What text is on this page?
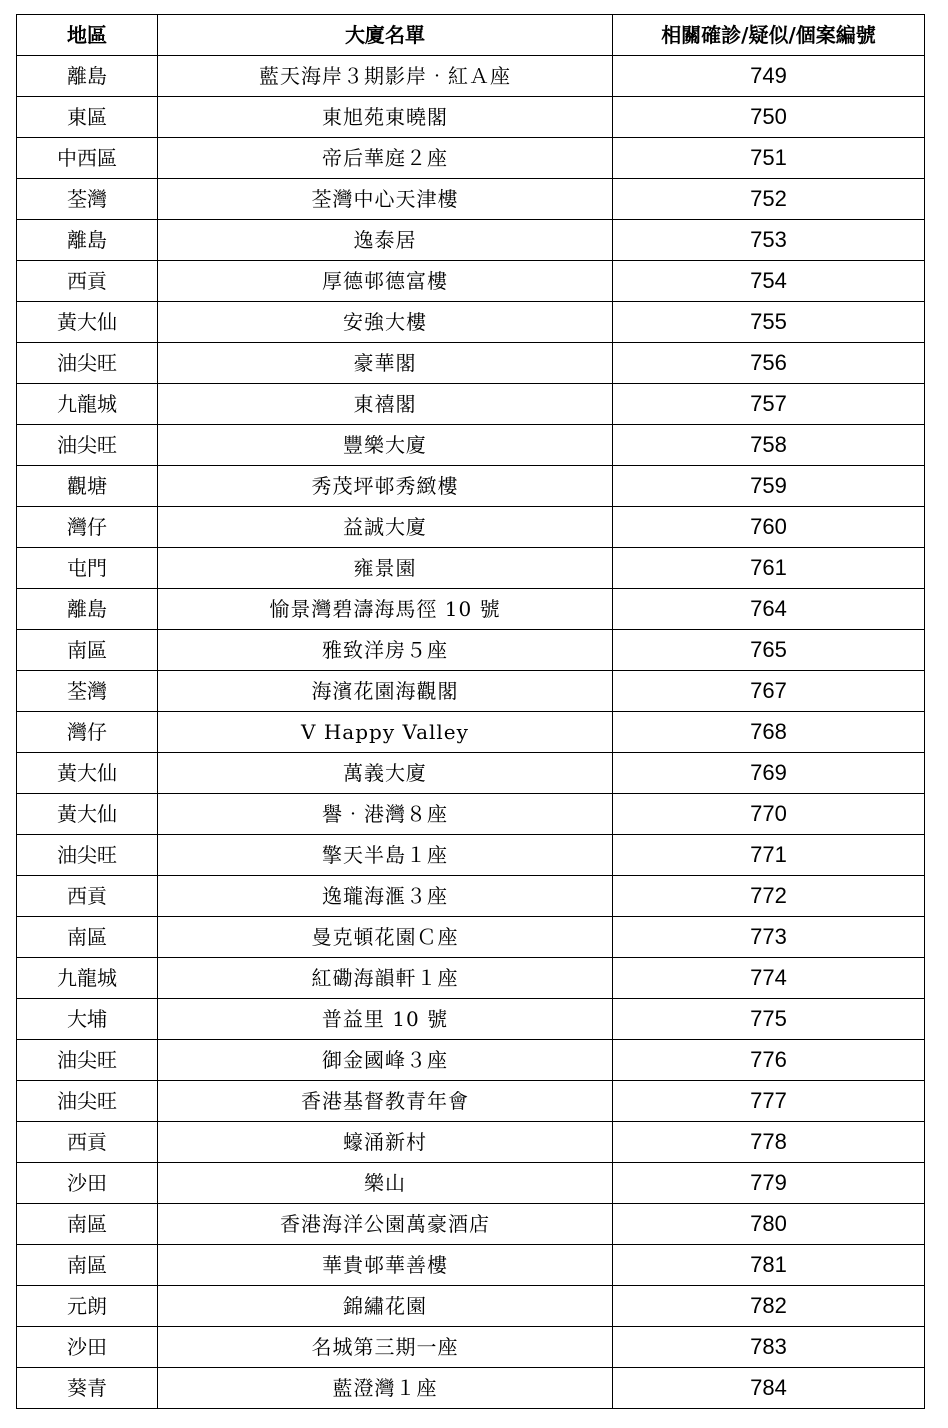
地區	大廈名單	相關確診/疑似/個案編號
離島	藍天海岸３期影岸‧紅Ａ座	749
東區	東旭苑東曉閣	750
中西區	帝后華庭２座	751
荃灣	荃灣中心天津樓	752
離島	逸泰居	753
西貢	厚德邨德富樓	754
黃大仙	安強大樓	755
油尖旺	豪華閣	756
九龍城	東禧閣	757
油尖旺	豐樂大廈	758
觀塘	秀茂坪邨秀緻樓	759
灣仔	益誠大廈	760
屯門	雍景園	761
離島	愉景灣碧濤海馬徑 10 號	764
南區	雅致洋房５座	765
荃灣	海濱花園海觀閣	767
灣仔	V Happy Valley	768
黃大仙	萬義大廈	769
黃大仙	譽‧港灣８座	770
油尖旺	擎天半島１座	771
西貢	逸瓏海滙３座	772
南區	曼克頓花園Ｃ座	773
九龍城	紅磡海韻軒１座	774
大埔	普益里 10 號	775
油尖旺	御金國峰３座	776
油尖旺	香港基督教青年會	777
西貢	蠔涌新村	778
沙田	樂山	779
南區	香港海洋公園萬豪酒店	780
南區	華貴邨華善樓	781
元朗	錦繡花園	782
沙田	名城第三期一座	783
葵青	藍澄灣１座	784
